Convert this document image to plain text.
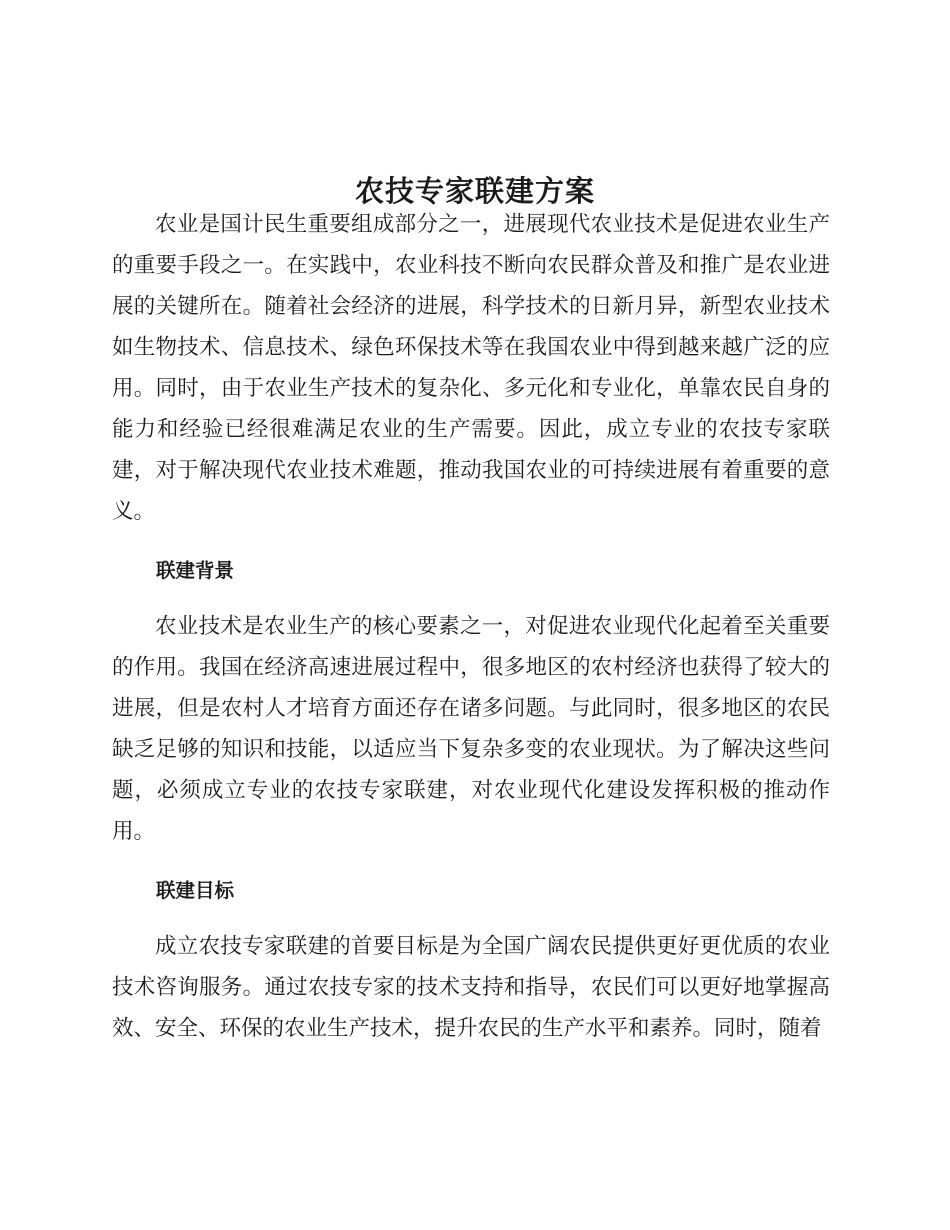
农技专家联建方案

农业是国计民生重要组成部分之一，进展现代农业技术是促进农业生产的重要手段之一。在实践中，农业科技不断向农民群众普及和推广是农业进展的关键所在。随着社会经济的进展，科学技术的日新月异，新型农业技术如生物技术、信息技术、绿色环保技术等在我国农业中得到越来越广泛的应用。同时，由于农业生产技术的复杂化、多元化和专业化，单靠农民自身的能力和经验已经很难满足农业的生产需要。因此，成立专业的农技专家联建，对于解决现代农业技术难题，推动我国农业的可持续进展有着重要的意义。

联建背景

农业技术是农业生产的核心要素之一，对促进农业现代化起着至关重要的作用。我国在经济高速进展过程中，很多地区的农村经济也获得了较大的进展，但是农村人才培育方面还存在诸多问题。与此同时，很多地区的农民缺乏足够的知识和技能，以适应当下复杂多变的农业现状。为了解决这些问题，必须成立专业的农技专家联建，对农业现代化建设发挥积极的推动作用。

联建目标

成立农技专家联建的首要目标是为全国广阔农民提供更好更优质的农业技术咨询服务。通过农技专家的技术支持和指导，农民们可以更好地掌握高效、安全、环保的农业生产技术，提升农民的生产水平和素养。同时，随着
